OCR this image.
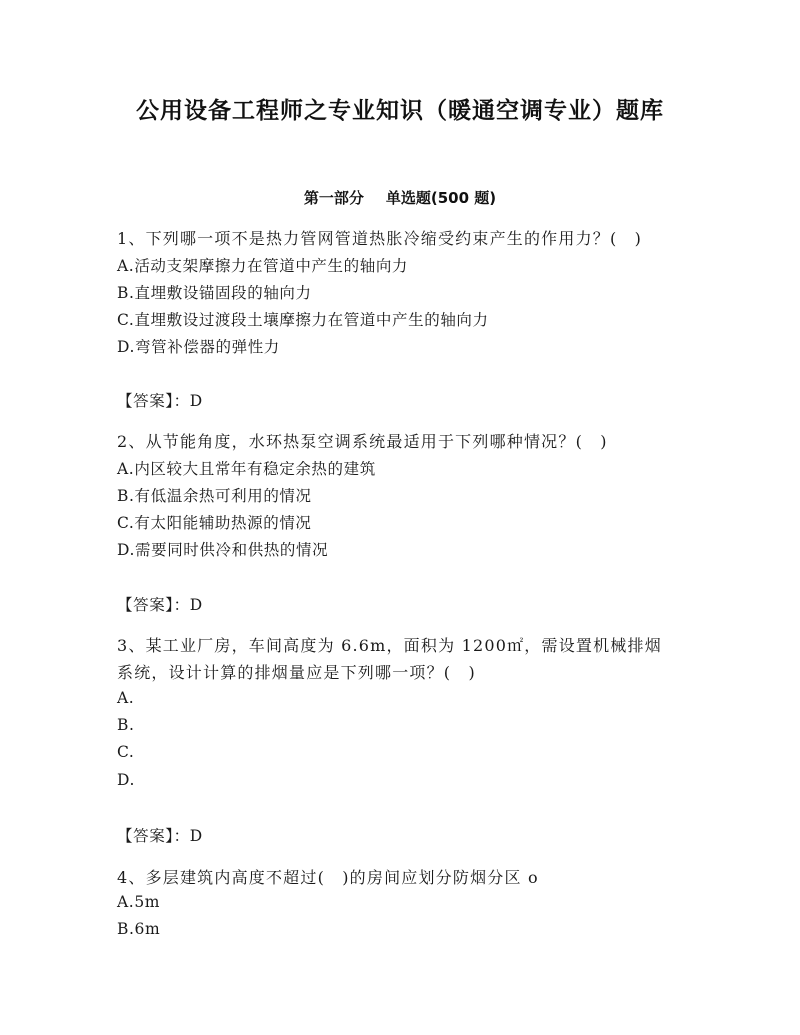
公用设备工程师之专业知识（暖通空调专业）题库
第一部分 单选题(500 题)
1、下列哪一项不是热力管网管道热胀冷缩受约束产生的作用力？(　)
A.活动支架摩擦力在管道中产生的轴向力
B.直埋敷设锚固段的轴向力
C.直埋敷设过渡段土壤摩擦力在管道中产生的轴向力
D.弯管补偿器的弹性力
【答案】：D
2、从节能角度，水环热泵空调系统最适用于下列哪种情况？(　)
A.内区较大且常年有稳定余热的建筑
B.有低温余热可利用的情况
C.有太阳能辅助热源的情况
D.需要同时供冷和供热的情况
【答案】：D
3、某工业厂房，车间高度为 6.6m，面积为 1200㎡，需设置机械排烟
系统，设计计算的排烟量应是下列哪一项？(　)
A.
B.
C.
D.
【答案】：D
4、多层建筑内高度不超过(　)的房间应划分防烟分区 o
A.5m
B.6m
